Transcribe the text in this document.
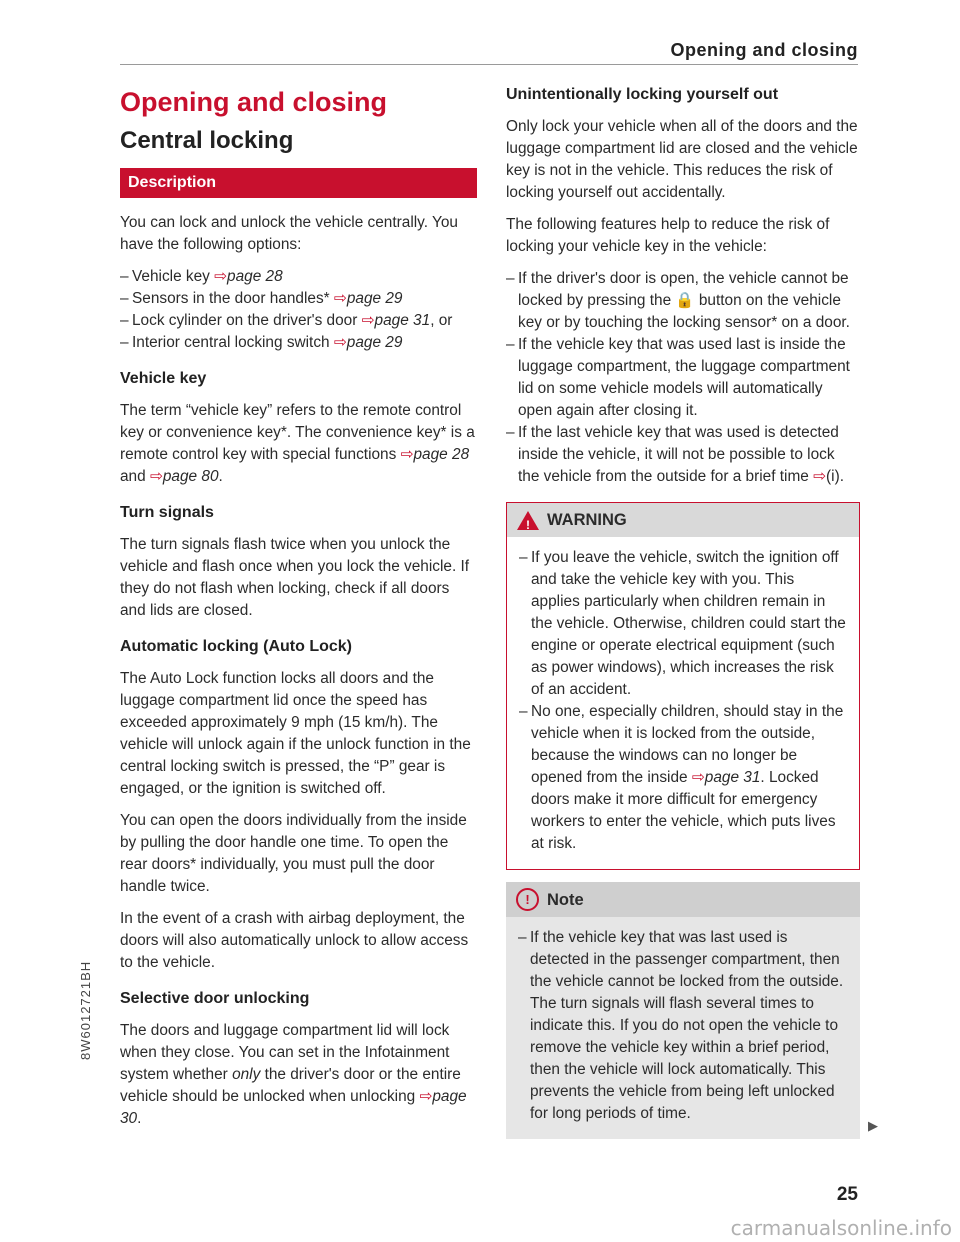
Opening and closing
Opening and closing
Central locking
Description

You can lock and unlock the vehicle centrally. You have the following options:

– Vehicle key ⇨page 28
– Sensors in the door handles* ⇨page 29
– Lock cylinder on the driver's door ⇨page 31, or
– Interior central locking switch ⇨page 29
Vehicle key

The term “vehicle key” refers to the remote control key or convenience key*. The convenience key* is a remote control key with special functions ⇨page 28 and ⇨page 80.

Turn signals

The turn signals flash twice when you unlock the vehicle and flash once when you lock the vehicle. If they do not flash when locking, check if all doors and lids are closed.

Automatic locking (Auto Lock)

The Auto Lock function locks all doors and the luggage compartment lid once the speed has exceeded approximately 9 mph (15 km/h). The vehicle will unlock again if the unlock function in the central locking switch is pressed, the “P” gear is engaged, or the ignition is switched off.

You can open the doors individually from the inside by pulling the door handle one time. To open the rear doors* individually, you must pull the door handle twice.

In the event of a crash with airbag deployment, the doors will also automatically unlock to allow access to the vehicle.

Selective door unlocking

The doors and luggage compartment lid will lock when they close. You can set in the Infotainment system whether only the driver's door or the entire vehicle should be unlocked when unlocking ⇨page 30.

Unintentionally locking yourself out

Only lock your vehicle when all of the doors and the luggage compartment lid are closed and the vehicle key is not in the vehicle. This reduces the risk of locking yourself out accidentally.

The following features help to reduce the risk of locking your vehicle key in the vehicle:

– If the driver's door is open, the vehicle cannot be locked by pressing the 🔒 button on the vehicle key or by touching the locking sensor* on a door.
– If the vehicle key that was used last is inside the luggage compartment, the luggage compartment lid on some vehicle models will automatically open again after closing it.
– If the last vehicle key that was used is detected inside the vehicle, it will not be possible to lock the vehicle from the outside for a brief time ⇨(i).
! WARNING
– If you leave the vehicle, switch the ignition off and take the vehicle key with you. This applies particularly when children remain in the vehicle. Otherwise, children could start the engine or operate electrical equipment (such as power windows), which increases the risk of an accident.
– No one, especially children, should stay in the vehicle when it is locked from the outside, because the windows can no longer be opened from the inside ⇨page 31. Locked doors make it more difficult for emergency workers to enter the vehicle, which puts lives at risk.
!	Note
– If the vehicle key that was last used is detected in the passenger compartment, then the vehicle cannot be locked from the outside. The turn signals will flash several times to indicate this. If you do not open the vehicle to remove the vehicle key within a brief period, then the vehicle will lock automatically. This prevents the vehicle from being left unlocked for long periods of time.
▶
8W6012721BH
25
carmanualsonline.info
